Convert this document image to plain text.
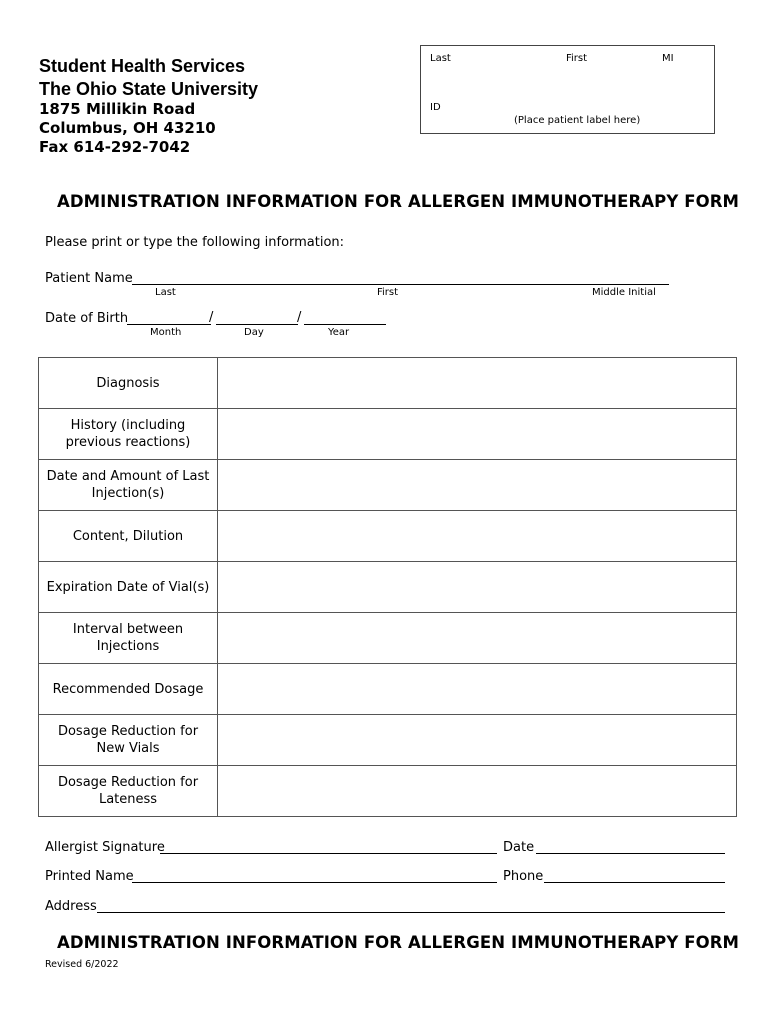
Student Health Services
The Ohio State University
1875 Millikin Road
Columbus, OH 43210
Fax 614-292-7042
Last	First	MI
ID
(Place patient label here)
ADMINISTRATION INFORMATION FOR ALLERGEN IMMUNOTHERAPY FORM
Please print or type the following information:
Patient Name
Last	First	Middle Initial
Date of Birth	/	/
Month	Day	Year
Diagnosis	
History (including previous reactions)	
Date and Amount of Last Injection(s)	
Content, Dilution	
Expiration Date of Vial(s)	
Interval between Injections	
Recommended Dosage	
Dosage Reduction for New Vials	
Dosage Reduction for Lateness	
Allergist Signature	Date
Printed Name	Phone
Address
ADMINISTRATION INFORMATION FOR ALLERGEN IMMUNOTHERAPY FORM
Revised 6/2022
